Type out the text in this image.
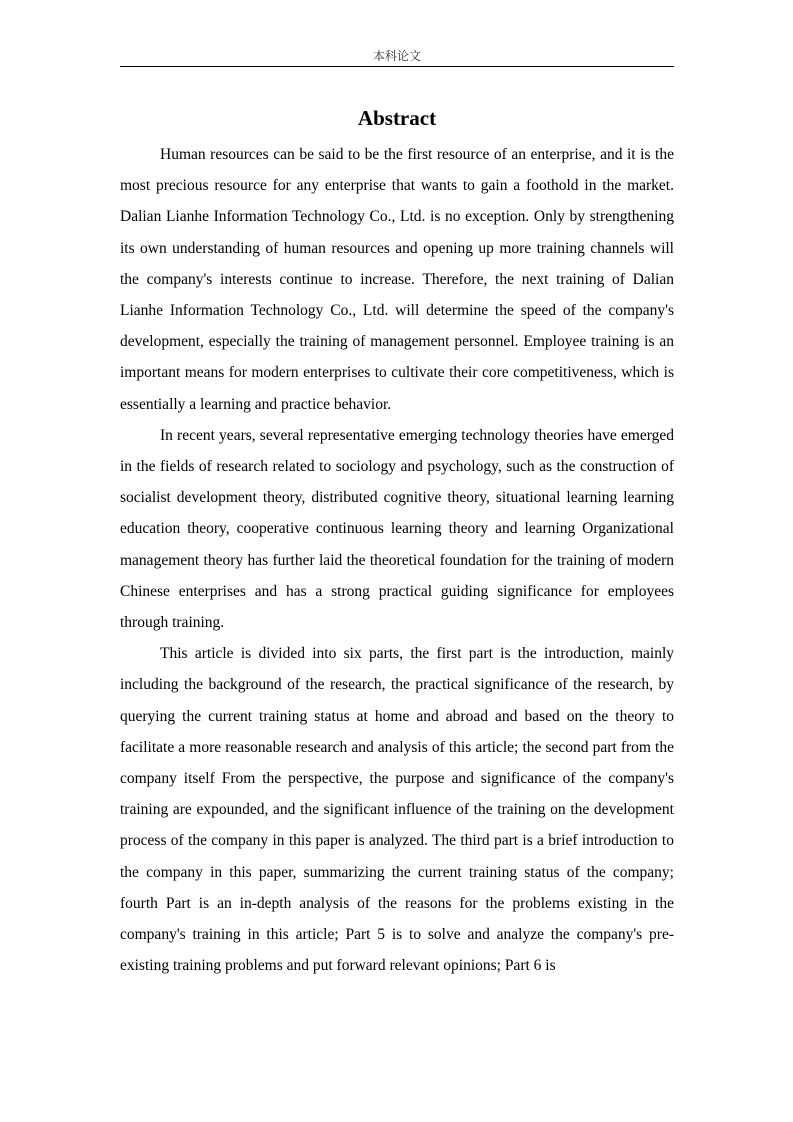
本科论文
Abstract

Human resources can be said to be the first resource of an enterprise, and it is the most precious resource for any enterprise that wants to gain a foothold in the market. Dalian Lianhe Information Technology Co., Ltd. is no exception. Only by strengthening its own understanding of human resources and opening up more training channels will the company's interests continue to increase. Therefore, the next training of Dalian Lianhe Information Technology Co., Ltd. will determine the speed of the company's development, especially the training of management personnel. Employee training is an important means for modern enterprises to cultivate their core competitiveness, which is essentially a learning and practice behavior.

In recent years, several representative emerging technology theories have emerged in the fields of research related to sociology and psychology, such as the construction of socialist development theory, distributed cognitive theory, situational learning learning education theory, cooperative continuous learning theory and learning Organizational management theory has further laid the theoretical foundation for the training of modern Chinese enterprises and has a strong practical guiding significance for employees through training.

This article is divided into six parts, the first part is the introduction, mainly including the background of the research, the practical significance of the research, by querying the current training status at home and abroad and based on the theory to facilitate a more reasonable research and analysis of this article; the second part from the company itself From the perspective, the purpose and significance of the company's training are expounded, and the significant influence of the training on the development process of the company in this paper is analyzed. The third part is a brief introduction to the company in this paper, summarizing the current training status of the company; fourth Part is an in-depth analysis of the reasons for the problems existing in the company's training in this article; Part 5 is to solve and analyze the company's pre-existing training problems and put forward relevant opinions; Part 6 is
